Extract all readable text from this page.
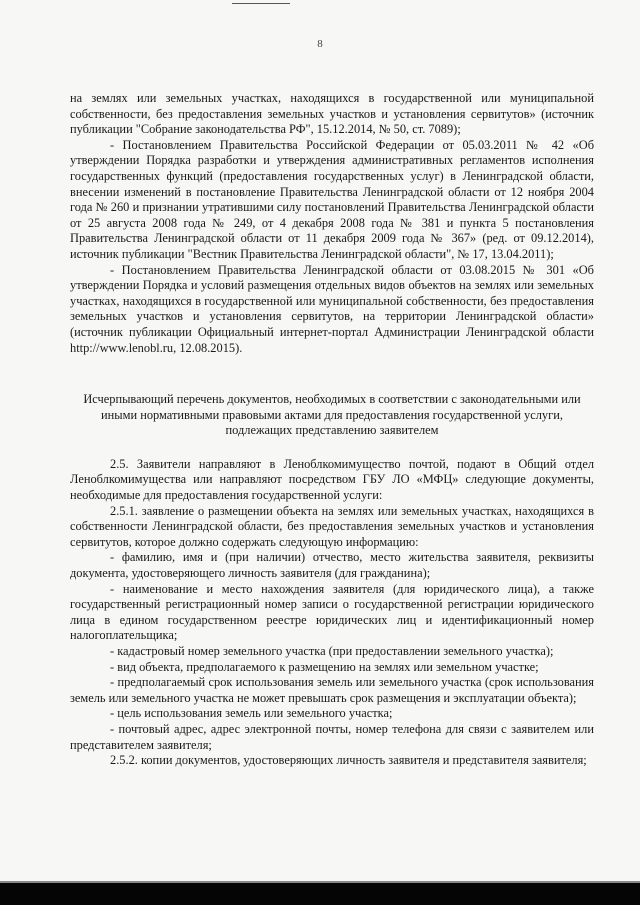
8

на землях или земельных участках, находящихся в государственной или муниципальной собственности, без предоставления земельных участков и установления сервитутов» (источник публикации "Собрание законодательства РФ", 15.12.2014, № 50, ст. 7089);

- Постановлением Правительства Российской Федерации от 05.03.2011 № 42 «Об утверждении Порядка разработки и утверждения административных регламентов исполнения государственных функций (предоставления государственных услуг) в Ленинградской области, внесении изменений в постановление Правительства Ленинградской области от 12 ноября 2004 года № 260 и признании утратившими силу постановлений Правительства Ленинградской области от 25 августа 2008 года № 249, от 4 декабря 2008 года № 381 и пункта 5 постановления Правительства Ленинградской области от 11 декабря 2009 года № 367» (ред. от 09.12.2014), источник публикации "Вестник Правительства Ленинградской области", № 17, 13.04.2011);

- Постановлением Правительства Ленинградской области от 03.08.2015 № 301 «Об утверждении Порядка и условий размещения отдельных видов объектов на землях или земельных участках, находящихся в государственной или муниципальной собственности, без предоставления земельных участков и установления сервитутов, на территории Ленинградской области» (источник публикации Официальный интернет-портал Администрации Ленинградской области http://www.lenobl.ru, 12.08.2015).

Исчерпывающий перечень документов, необходимых в соответствии с законодательными или иными нормативными правовыми актами для предоставления государственной услуги, подлежащих представлению заявителем

2.5. Заявители направляют в Леноблкомимущество почтой, подают в Общий отдел Леноблкомимущества или направляют посредством ГБУ ЛО «МФЦ» следующие документы, необходимые для предоставления государственной услуги:

2.5.1. заявление о размещении объекта на землях или земельных участках, находящихся в собственности Ленинградской области, без предоставления земельных участков и установления сервитутов, которое должно содержать следующую информацию:

- фамилию, имя и (при наличии) отчество, место жительства заявителя, реквизиты документа, удостоверяющего личность заявителя (для гражданина);

- наименование и место нахождения заявителя (для юридического лица), а также государственный регистрационный номер записи о государственной регистрации юридического лица в едином государственном реестре юридических лиц и идентификационный номер налогоплательщика;

- кадастровый номер земельного участка (при предоставлении земельного участка);

- вид объекта, предполагаемого к размещению на землях или земельном участке;

- предполагаемый срок использования земель или земельного участка (срок использования земель или земельного участка не может превышать срок размещения и эксплуатации объекта);

- цель использования земель или земельного участка;

- почтовый адрес, адрес электронной почты, номер телефона для связи с заявителем или представителем заявителя;

2.5.2. копии документов, удостоверяющих личность заявителя и представителя заявителя;
